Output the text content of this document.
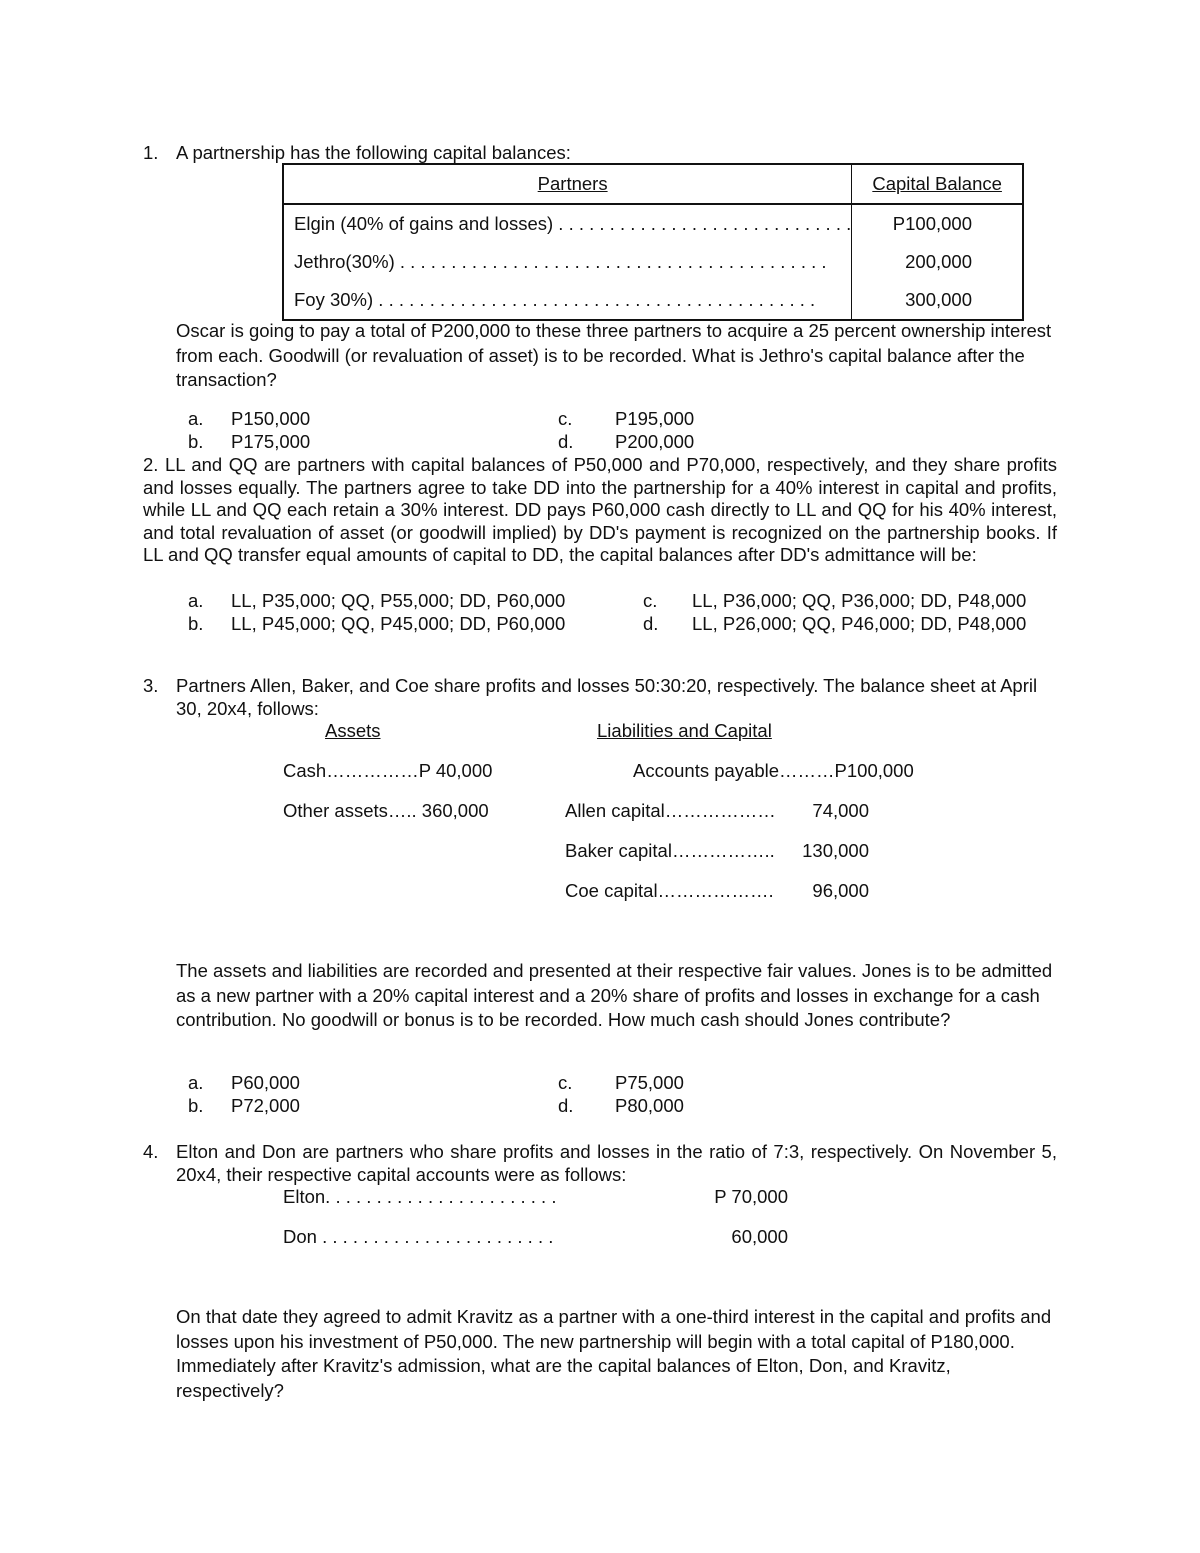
1. A partnership has the following capital balances:
Partners	Capital Balance
Elgin (40% of gains and losses) . . . . . . . . . . . . . . . . . . . . . . . . . . . . .	P100,000
Jethro(30%) . . . . . . . . . . . . . . . . . . . . . . . . . . . . . . . . . . . . . . . . . .	200,000
Foy 30%) . . . . . . . . . . . . . . . . . . . . . . . . . . . . . . . . . . . . . . . . . . .	300,000
Oscar is going to pay a total of P200,000 to these three partners to acquire a 25 percent ownership interest from each. Goodwill (or revaluation of asset) is to be recorded. What is Jethro's capital balance after the transaction?
a. P150,000
b. P175,000
c. P195,000
d. P200,000
2. LL and QQ are partners with capital balances of P50,000 and P70,000, respectively, and they share profits and losses equally. The partners agree to take DD into the partnership for a 40% interest in capital and profits, while LL and QQ each retain a 30% interest. DD pays P60,000 cash directly to LL and QQ for his 40% interest, and total revaluation of asset (or goodwill implied) by DD's payment is recognized on the partnership books. If LL and QQ transfer equal amounts of capital to DD, the capital balances after DD's admittance will be:
a. LL, P35,000; QQ, P55,000; DD, P60,000
b. LL, P45,000; QQ, P45,000; DD, P60,000
c. LL, P36,000; QQ, P36,000; DD, P48,000
d. LL, P26,000; QQ, P46,000; DD, P48,000
3. Partners Allen, Baker, and Coe share profits and losses 50:30:20, respectively. The balance sheet at April 30, 20x4, follows:
Assets	Liabilities and Capital
Cash……………P 40,000	Accounts payable………P100,000
Other assets….. 360,000	Allen capital………………	74,000
Baker capital……………..	130,000
Coe capital……………….	96,000
The assets and liabilities are recorded and presented at their respective fair values. Jones is to be admitted as a new partner with a 20% capital interest and a 20% share of profits and losses in exchange for a cash contribution. No goodwill or bonus is to be recorded. How much cash should Jones contribute?
a. P60,000
b. P72,000
c. P75,000
d. P80,000
4. Elton and Don are partners who share profits and losses in the ratio of 7:3, respectively. On November 5, 20x4, their respective capital accounts were as follows:
Elton. . . . . . . . . . . . . . . . . . . . . . .	P 70,000
Don . . . . . . . . . . . . . . . . . . . . . . .	60,000
On that date they agreed to admit Kravitz as a partner with a one-third interest in the capital and profits and losses upon his investment of P50,000. The new partnership will begin with a total capital of P180,000. Immediately after Kravitz's admission, what are the capital balances of Elton, Don, and Kravitz, respectively?
